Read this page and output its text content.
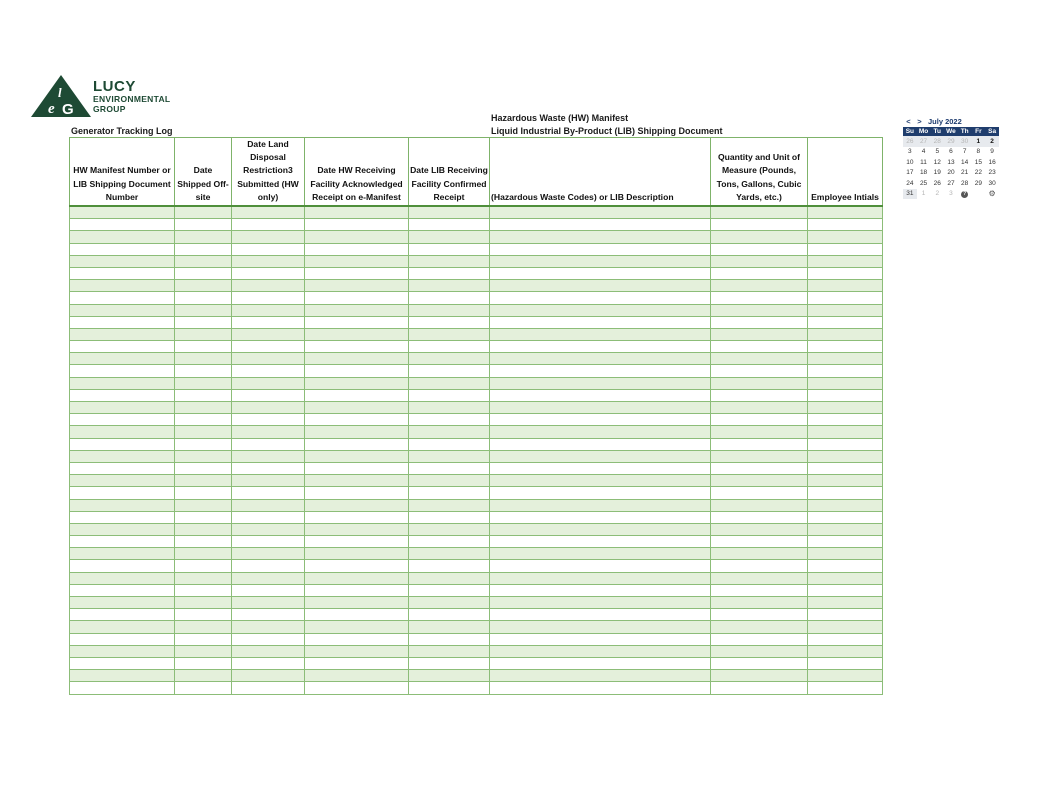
l
e G
LUCY
ENVIRONMENTAL
GROUP
Generator Tracking Log
Hazardous Waste (HW) Manifest
Liquid Industrial By-Product (LIB) Shipping Document
HW Manifest Number or LIB Shipping Document Number	Date Shipped Off-site	Date Land Disposal Restriction3 Submitted (HW only)	Date HW Receiving Facility Acknowledged Receipt on e-Manifest	Date LIB Receiving Facility Confirmed Receipt	(Hazardous Waste Codes) or LIB Description	Quantity and Unit of Measure (Pounds, Tons, Gallons, Cubic Yards, etc.)	Employee Intials

< > July 2022
Su	Mo	Tu	We	Th	Fr	Sa
26	27	28	29	30	1	2
3	4	5	6	7	8	9
10	11	12	13	14	15	16
17	18	19	20	21	22	23
24	25	26	27	28	29	30
31	1	2	3	?		⚙
